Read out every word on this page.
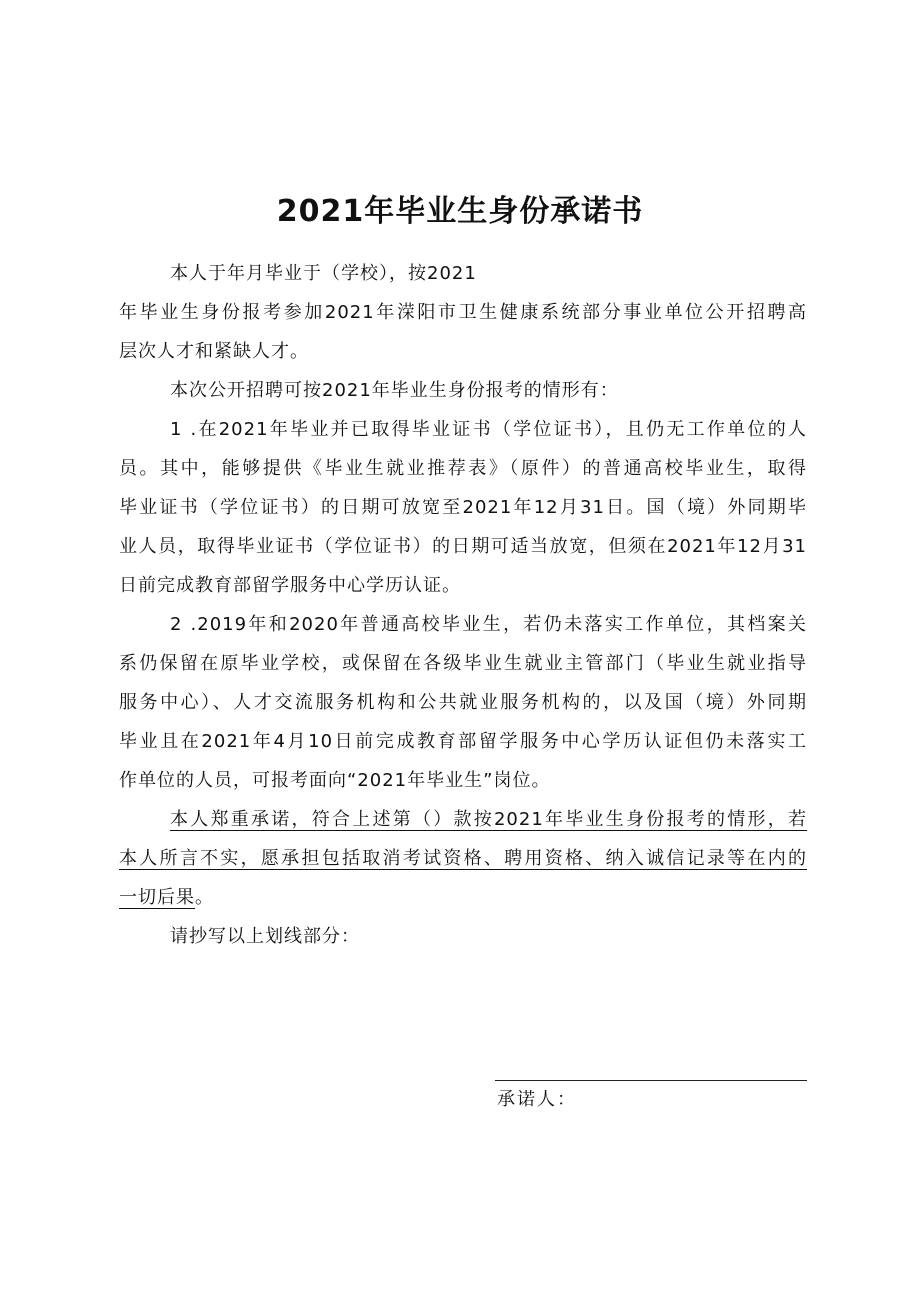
2021年毕业生身份承诺书
本人于年月毕业于（学校），按2021
年毕业生身份报考参加2021年溁阳市卫生健康系统部分事业单位公开招聘高
层次人才和紧缺人才。
本次公开招聘可按2021年毕业生身份报考的情形有：
1 .在2021年毕业并已取得毕业证书（学位证书），且仍无工作单位的人
员。其中，能够提供《毕业生就业推荐表》（原件）的普通高校毕业生，取得
毕业证书（学位证书）的日期可放宽至2021年12月31日。国（境）外同期毕
业人员，取得毕业证书（学位证书）的日期可适当放宽，但须在2021年12月31
日前完成教育部留学服务中心学历认证。
2 .2019年和2020年普通高校毕业生，若仍未落实工作单位，其档案关
系仍保留在原毕业学校，或保留在各级毕业生就业主管部门（毕业生就业指导
服务中心）、人才交流服务机构和公共就业服务机构的，以及国（境）外同期
毕业且在2021年4月10日前完成教育部留学服务中心学历认证但仍未落实工
作单位的人员，可报考面向“2021年毕业生”岗位。
本人郑重承诺，符合上述第（）款按2021年毕业生身份报考的情形，若
本人所言不实，愿承担包括取消考试资格、聘用资格、纳入诚信记录等在内的
一切后果。
请抄写以上划线部分：
承诺人：
